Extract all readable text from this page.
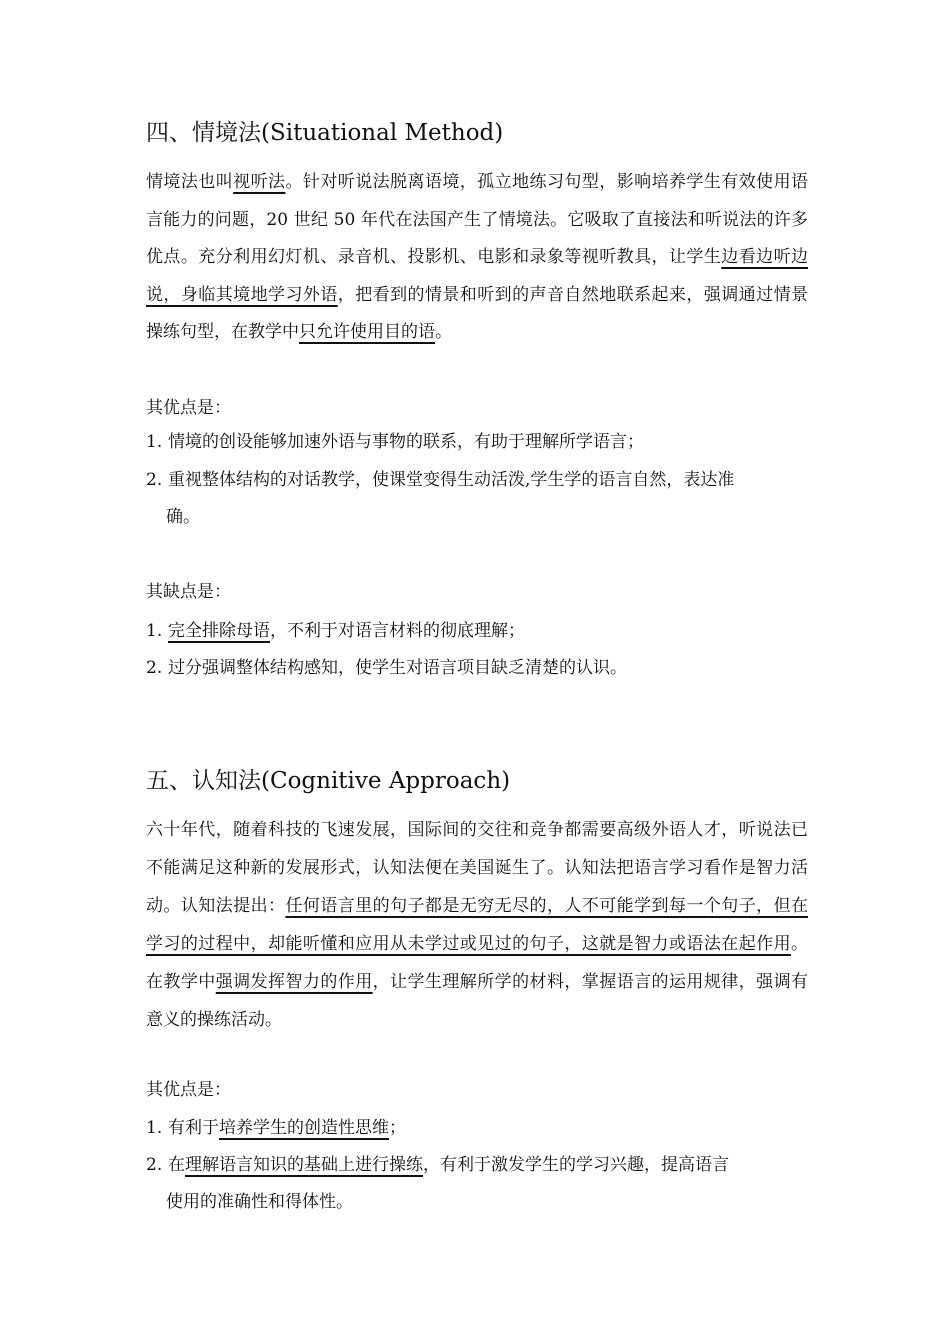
四、情境法(Situational Method)
情境法也叫视听法。针对听说法脱离语境，孤立地练习句型，影响培养学生有效使用语言能力的问题，20 世纪 50 年代在法国产生了情境法。它吸取了直接法和听说法的许多优点。充分利用幻灯机、录音机、投影机、电影和录象等视听教具，让学生边看边听边说，身临其境地学习外语，把看到的情景和听到的声音自然地联系起来，强调通过情景操练句型，在教学中只允许使用目的语。
其优点是：
1. 情境的创设能够加速外语与事物的联系，有助于理解所学语言；
2. 重视整体结构的对话教学，使课堂变得生动活泼,学生学的语言自然，表达准
确。
其缺点是：
1. 完全排除母语，不利于对语言材料的彻底理解；
2. 过分强调整体结构感知，使学生对语言项目缺乏清楚的认识。
五、认知法(Cognitive Approach)
六十年代，随着科技的飞速发展，国际间的交往和竞争都需要高级外语人才，听说法已不能满足这种新的发展形式，认知法便在美国诞生了。认知法把语言学习看作是智力活动。认知法提出：任何语言里的句子都是无穷无尽的，人不可能学到每一个句子，但在学习的过程中，却能听懂和应用从未学过或见过的句子，这就是智力或语法在起作用。在教学中强调发挥智力的作用，让学生理解所学的材料，掌握语言的运用规律，强调有意义的操练活动。
其优点是：
1. 有利于培养学生的创造性思维；
2. 在理解语言知识的基础上进行操练，有利于激发学生的学习兴趣，提高语言
使用的准确性和得体性。
